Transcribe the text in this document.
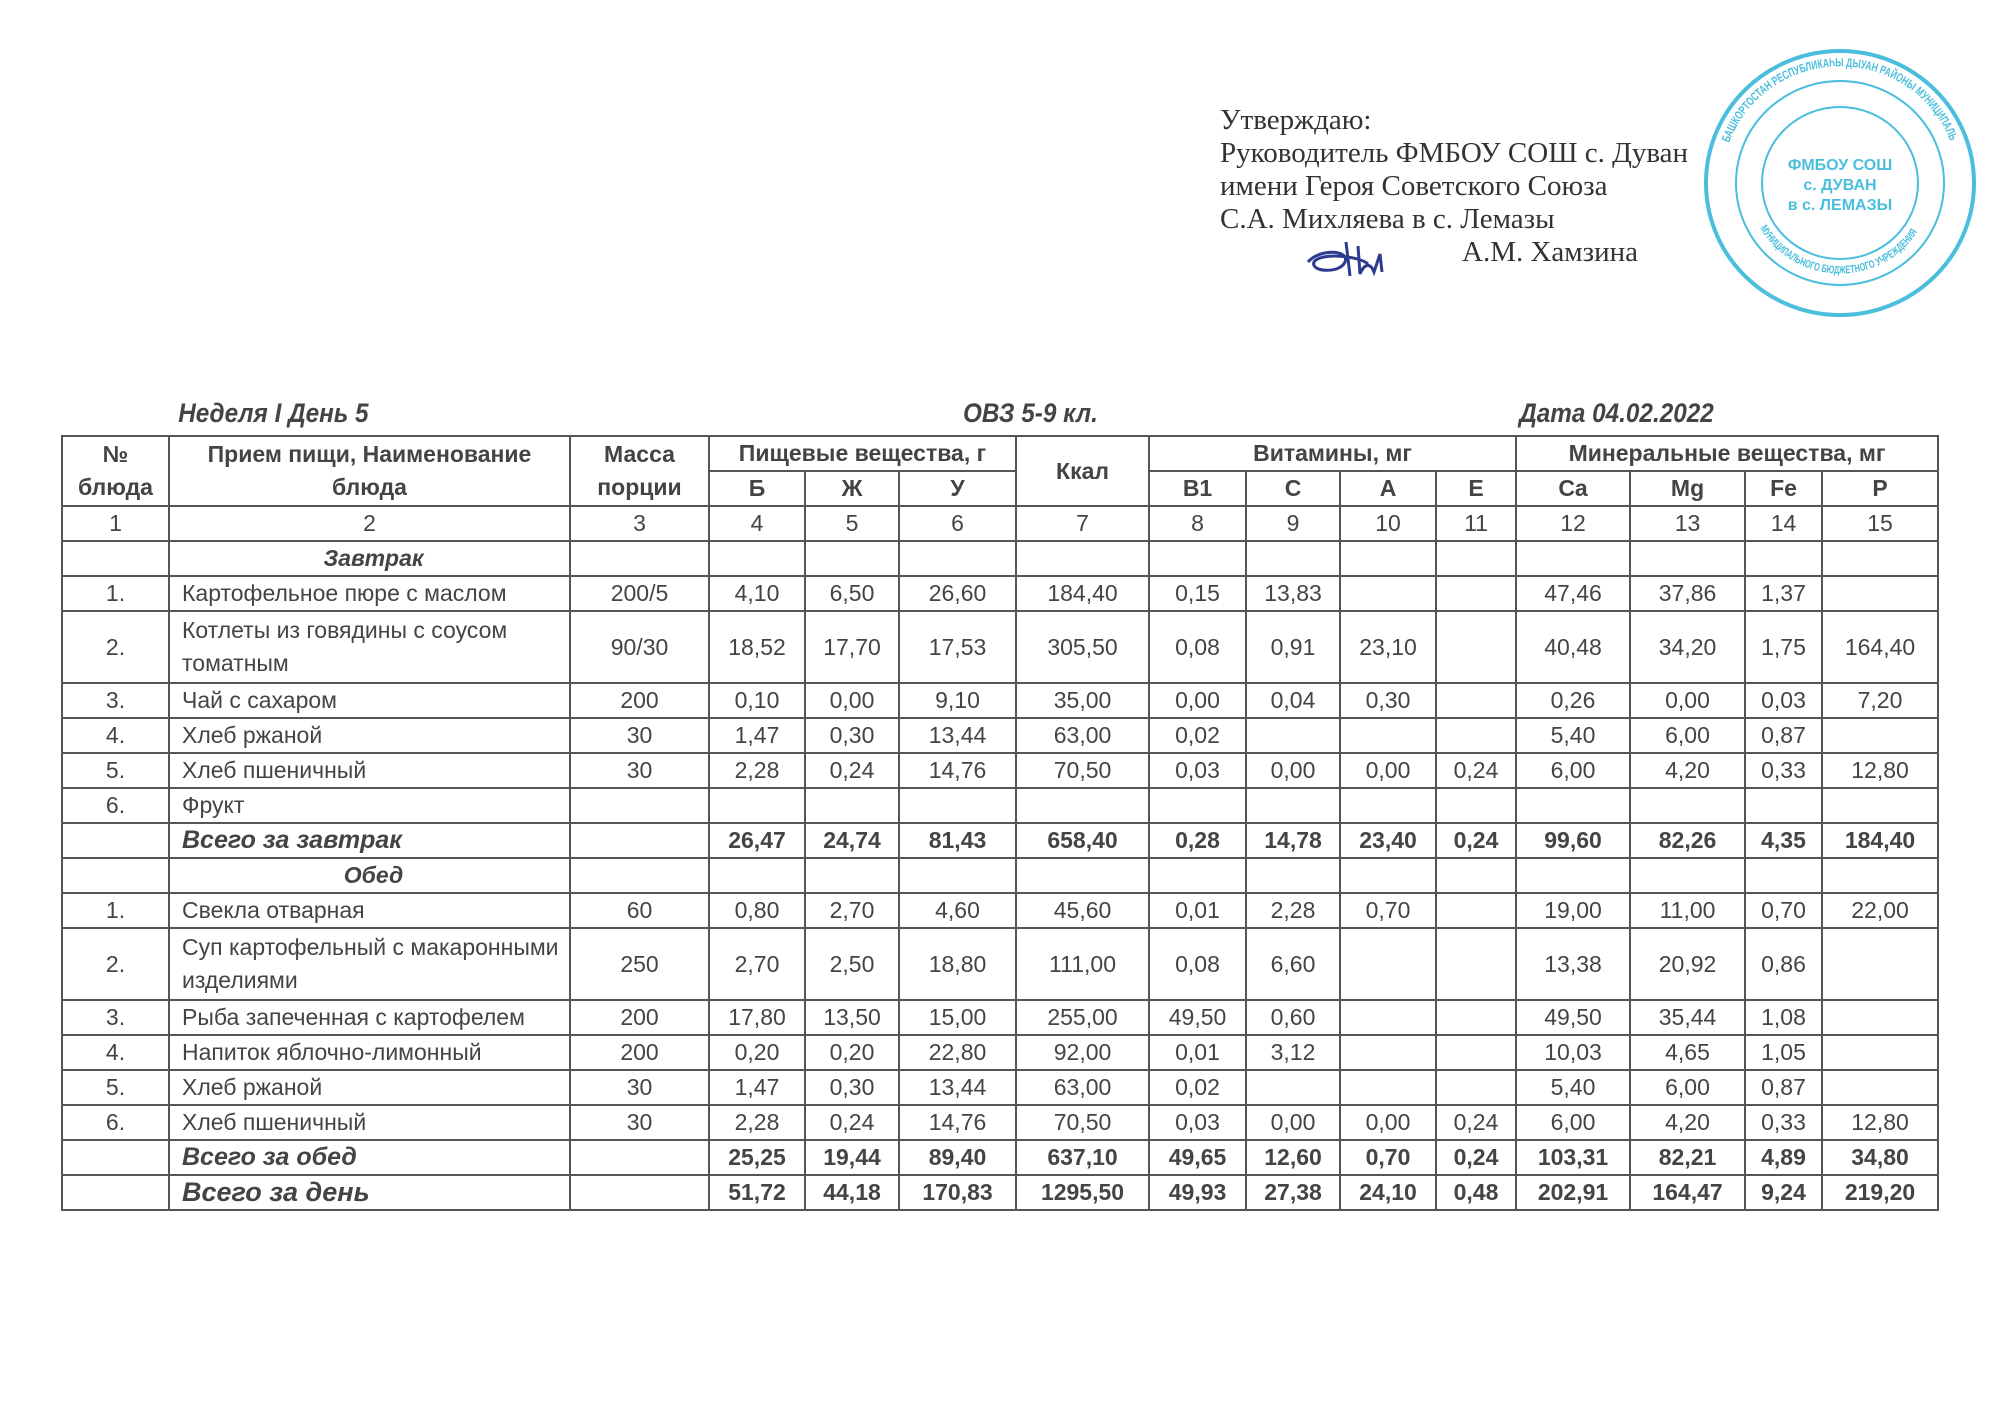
Утверждаю:
Руководитель ФМБОУ СОШ с. Дуван
имени Героя Советского Союза
С.А. Михляева в с. Лемазы
А.М. Хамзина
БАШКОРТОСТАН РЕСПУБЛИКАҺЫ ДЫУАН РАЙОНЫ МУНИЦИПАЛЬ
МУНИЦИПАЛЬНОГО БЮДЖЕТНОГО УЧРЕЖДЕНИЯ
ФМБОУ СОШ
с. ДУВАН
в с. ЛЕМАЗЫ
Неделя I День 5	ОВЗ 5-9 кл.	Дата 04.02.2022
№ блюда	Прием пищи, Наименование блюда	Масса порции	Пищевые вещества, г			Ккал	Витамины, мг				Минеральные вещества, мг			
			Б	Ж	У		B1	C	A	E	Ca	Mg	Fe	P
1	2	3	4	5	6	7	8	9	10	11	12	13	14	15
	Завтрак													
1.	Картофельное пюре с маслом	200/5	4,10	6,50	26,60	184,40	0,15	13,83			47,46	37,86	1,37	
2.	Котлеты из говядины с соусом томатным	90/30	18,52	17,70	17,53	305,50	0,08	0,91	23,10		40,48	34,20	1,75	164,40
3.	Чай с сахаром	200	0,10	0,00	9,10	35,00	0,00	0,04	0,30		0,26	0,00	0,03	7,20
4.	Хлеб ржаной	30	1,47	0,30	13,44	63,00	0,02				5,40	6,00	0,87	
5.	Хлеб пшеничный	30	2,28	0,24	14,76	70,50	0,03	0,00	0,00	0,24	6,00	4,20	0,33	12,80
6.	Фрукт													
	Всего за завтрак		26,47	24,74	81,43	658,40	0,28	14,78	23,40	0,24	99,60	82,26	4,35	184,40
	Обед													
1.	Свекла отварная	60	0,80	2,70	4,60	45,60	0,01	2,28	0,70		19,00	11,00	0,70	22,00
2.	Суп картофельный с макаронными изделиями	250	2,70	2,50	18,80	111,00	0,08	6,60			13,38	20,92	0,86	
3.	Рыба запеченная с картофелем	200	17,80	13,50	15,00	255,00	49,50	0,60			49,50	35,44	1,08	
4.	Напиток яблочно-лимонный	200	0,20	0,20	22,80	92,00	0,01	3,12			10,03	4,65	1,05	
5.	Хлеб ржаной	30	1,47	0,30	13,44	63,00	0,02				5,40	6,00	0,87	
6.	Хлеб пшеничный	30	2,28	0,24	14,76	70,50	0,03	0,00	0,00	0,24	6,00	4,20	0,33	12,80
	Всего за обед		25,25	19,44	89,40	637,10	49,65	12,60	0,70	0,24	103,31	82,21	4,89	34,80
	Всего за день		51,72	44,18	170,83	1295,50	49,93	27,38	24,10	0,48	202,91	164,47	9,24	219,20
